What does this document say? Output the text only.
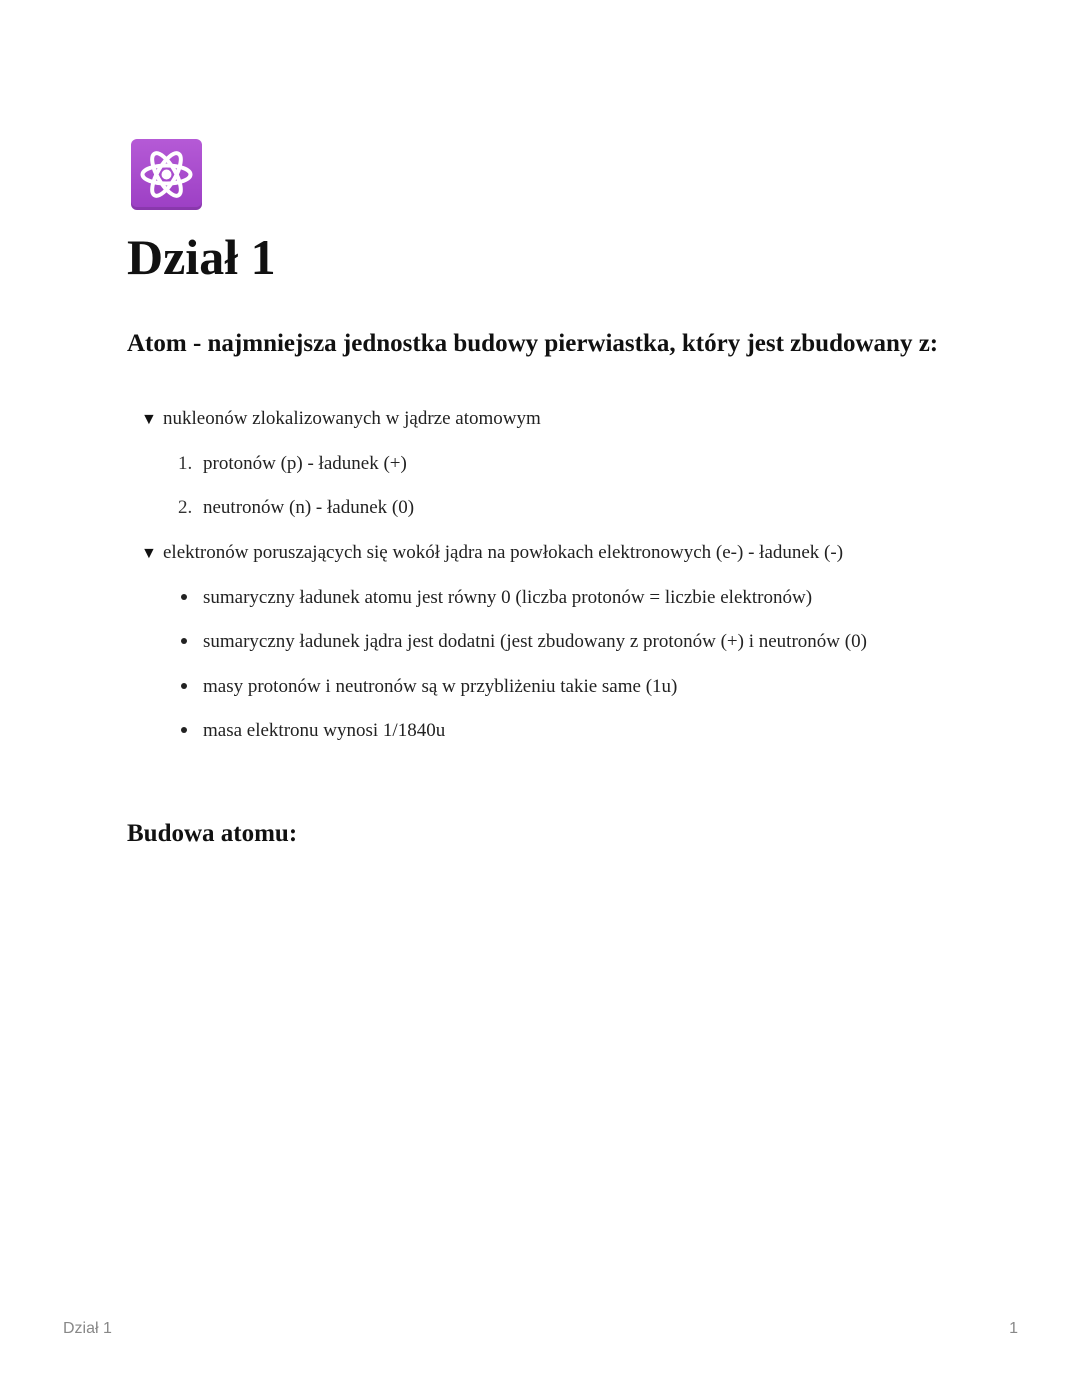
Dział 1
Atom - najmniejsza jednostka budowy pierwiastka, który jest zbudowany z:
▼ nukleonów zlokalizowanych w jądrze atomowym
1. protonów (p) - ładunek (+)
2. neutronów (n) - ładunek (0)
▼ elektronów poruszających się wokół jądra na powłokach elektronowych (e-) - ładunek (-)
sumaryczny ładunek atomu jest równy 0 (liczba protonów = liczbie elektronów)
sumaryczny ładunek jądra jest dodatni (jest zbudowany z protonów (+) i neutronów (0)
masy protonów i neutronów są w przybliżeniu takie same (1u)
masa elektronu wynosi 1/1840u
Budowa atomu:
Dział 1	1
